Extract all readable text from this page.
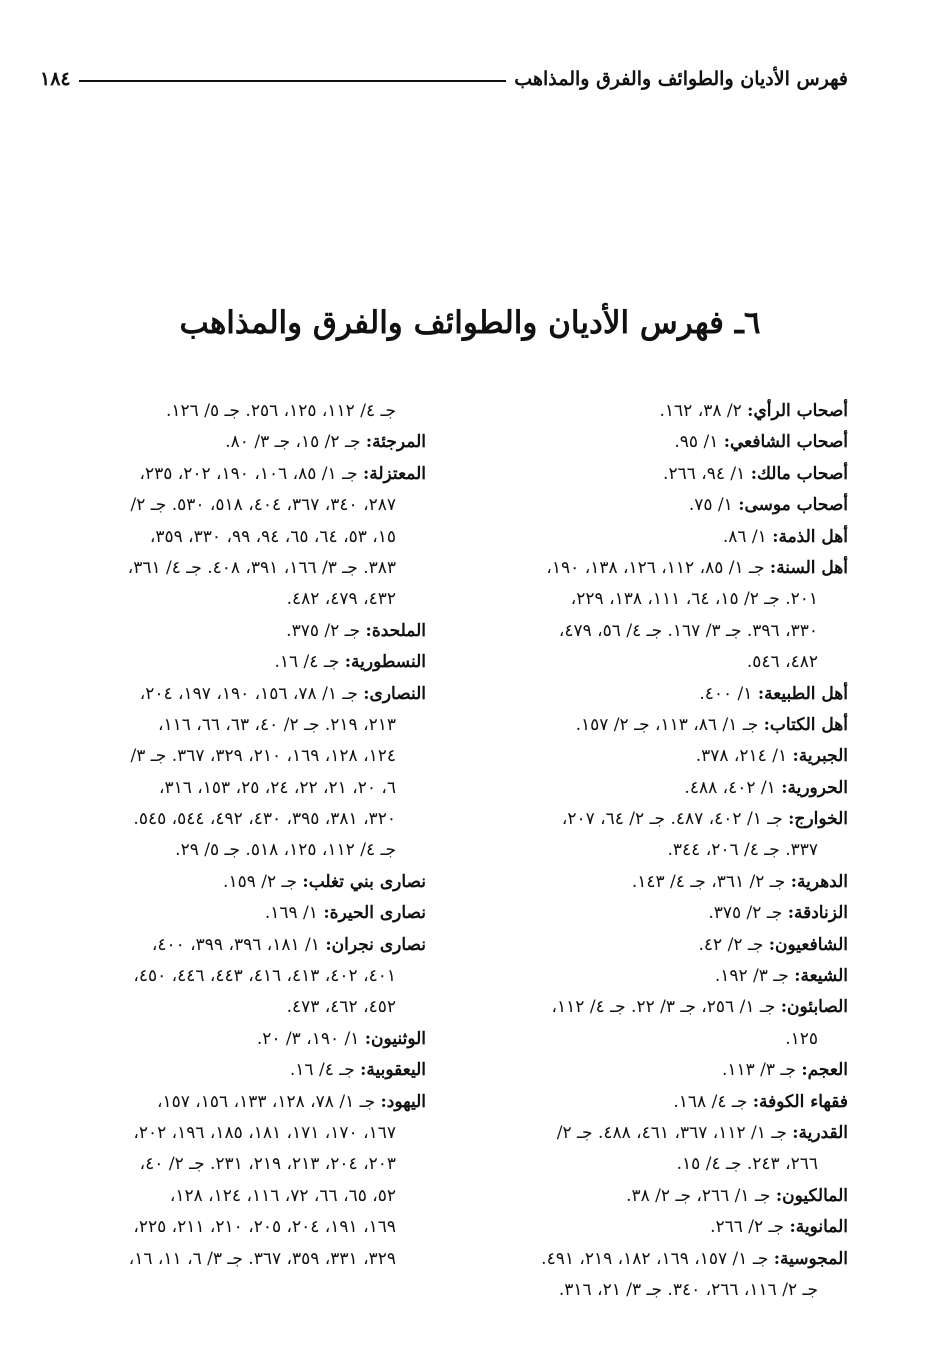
فهرس الأديان والطوائف والفرق والمذاهب
١٨٤
٦ـ فهرس الأديان والطوائف والفرق والمذاهب
أصحاب الرأي: ٢/ ٣٨، ١٦٢.
أصحاب الشافعي: ١/ ٩٥.
أصحاب مالك: ١/ ٩٤، ٢٦٦.
أصحاب موسى: ١/ ٧٥.
أهل الذمة: ١/ ٨٦.
أهل السنة: جـ ١/ ٨٥، ١١٢، ١٢٦، ١٣٨، ١٩٠،
٢٠١. جـ ٢/ ١٥، ٦٤، ١١١، ١٣٨، ٢٢٩،
٣٣٠، ٣٩٦. جـ ٣/ ١٦٧. جـ ٤/ ٥٦، ٤٧٩،
٤٨٢، ٥٤٦.
أهل الطبيعة: ١/ ٤٠٠.
أهل الكتاب: جـ ١/ ٨٦، ١١٣، جـ ٢/ ١٥٧.
الجبرية: ١/ ٢١٤، ٣٧٨.
الحرورية: ١/ ٤٠٢، ٤٨٨.
الخوارج: جـ ١/ ٤٠٢، ٤٨٧. جـ ٢/ ٦٤، ٢٠٧،
٣٣٧. جـ ٤/ ٢٠٦، ٣٤٤.
الدهرية: جـ ٢/ ٣٦١، جـ ٤/ ١٤٣.
الزنادقة: جـ ٢/ ٣٧٥.
الشافعيون: جـ ٢/ ٤٢.
الشيعة: جـ ٣/ ١٩٢.
الصابئون: جـ ١/ ٢٥٦، جـ ٣/ ٢٢. جـ ٤/ ١١٢،
١٢٥.
العجم: جـ ٣/ ١١٣.
فقهاء الكوفة: جـ ٤/ ١٦٨.
القدرية: جـ ١/ ١١٢، ٣٦٧، ٤٦١، ٤٨٨. جـ ٢/
٢٦٦، ٢٤٣. جـ ٤/ ١٥.
المالكيون: جـ ١/ ٢٦٦، جـ ٢/ ٣٨.
المانوية: جـ ٢/ ٢٦٦.
المجوسية: جـ ١/ ١٥٧، ١٦٩، ١٨٢، ٢١٩، ٤٩١.
جـ ٢/ ١١٦، ٢٦٦، ٣٤٠. جـ ٣/ ٢١، ٣١٦.
جـ ٤/ ١١٢، ١٢٥، ٢٥٦. جـ ٥/ ١٢٦.
المرجئة: جـ ٢/ ١٥، جـ ٣/ ٨٠.
المعتزلة: جـ ١/ ٨٥، ١٠٦، ١٩٠، ٢٠٢، ٢٣٥،
٢٨٧، ٣٤٠، ٣٦٧، ٤٠٤، ٥١٨، ٥٣٠. جـ ٢/
١٥، ٥٣، ٦٤، ٦٥، ٩٤، ٩٩، ٣٣٠، ٣٥٩،
٣٨٣. جـ ٣/ ١٦٦، ٣٩١، ٤٠٨. جـ ٤/ ٣٦١،
٤٣٢، ٤٧٩، ٤٨٢.
الملحدة: جـ ٢/ ٣٧٥.
النسطورية: جـ ٤/ ١٦.
النصارى: جـ ١/ ٧٨، ١٥٦، ١٩٠، ١٩٧، ٢٠٤،
٢١٣، ٢١٩. جـ ٢/ ٤٠، ٦٣، ٦٦، ١١٦،
١٢٤، ١٢٨، ١٦٩، ٢١٠، ٣٢٩، ٣٦٧. جـ ٣/
٦، ٢٠، ٢١، ٢٢، ٢٤، ٢٥، ١٥٣، ٣١٦،
٣٢٠، ٣٨١، ٣٩٥، ٤٣٠، ٤٩٢، ٥٤٤، ٥٤٥.
جـ ٤/ ١١٢، ١٢٥، ٥١٨. جـ ٥/ ٢٩.
نصارى بني تغلب: جـ ٢/ ١٥٩.
نصارى الحيرة: ١/ ١٦٩.
نصارى نجران: ١/ ١٨١، ٣٩٦، ٣٩٩، ٤٠٠،
٤٠١، ٤٠٢، ٤١٣، ٤١٦، ٤٤٣، ٤٤٦، ٤٥٠،
٤٥٢، ٤٦٢، ٤٧٣.
الوثنيون: ١/ ١٩٠، ٣/ ٢٠.
اليعقوبية: جـ ٤/ ١٦.
اليهود: جـ ١/ ٧٨، ١٢٨، ١٣٣، ١٥٦، ١٥٧،
١٦٧، ١٧٠، ١٧١، ١٨١، ١٨٥، ١٩٦، ٢٠٢،
٢٠٣، ٢٠٤، ٢١٣، ٢١٩، ٢٣١. جـ ٢/ ٤٠،
٥٢، ٦٥، ٦٦، ٧٢، ١١٦، ١٢٤، ١٢٨،
١٦٩، ١٩١، ٢٠٤، ٢٠٥، ٢١٠، ٢١١، ٢٢٥،
٣٢٩، ٣٣١، ٣٥٩، ٣٦٧. جـ ٣/ ٦، ١١، ١٦،
